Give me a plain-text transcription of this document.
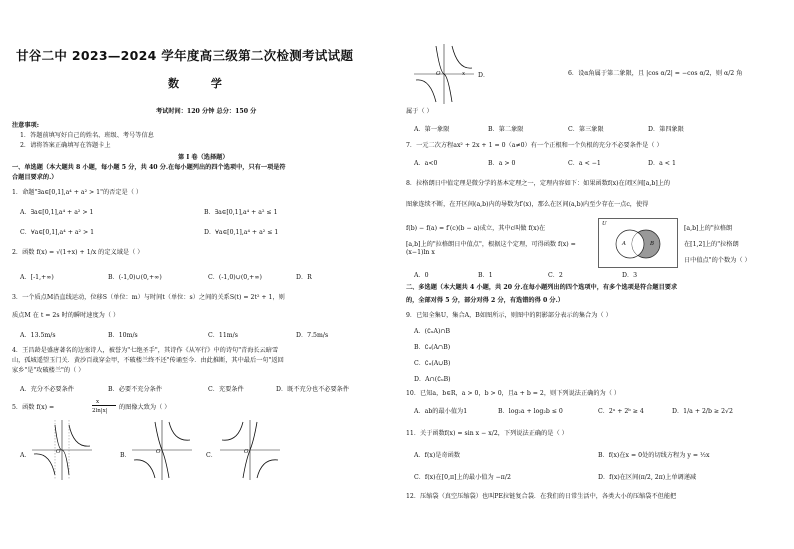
甘谷二中 2023—2024 学年度高三级第二次检测考试试题
数 学
考试时间：120 分钟 总分：150 分
注意事项:
1．答题前填写好自己的姓名、班级、考号等信息
2．请将答案正确填写在答题卡上
第 I 卷（选择题）
一、单选题（本大题共 8 小题，每小题 5 分，共 40 分.在每小题列出的四个选项中，只有一项是符
合题目要求的.）
1．命题"∃a∈[0,1],a⁴ + a² > 1"的否定是（ ）
A．∃a∈[0,1],a⁴ + a² > 1	B．∃a∈[0,1],a⁴ + a² ≤ 1
C．∀a∈[0,1],a⁴ + a² > 1	D．∀a∈[0,1],a⁴ + a² ≤ 1
2．函数 f(x) = √(1+x) + 1/x 的定义域是（ ）
A．[-1,+∞)	B．(-1,0)∪(0,+∞)	C．(-1,0)∪(0,+∞)	D．R
3．一个质点M沿直线运动，位移S（单位：m）与时间t（单位：s）之间的关系S(t) = 2t² + 1，则
质点M 在 t = 2s 时的瞬时速度为（ ）
A．13.5m/s	B．10m/s	C．11m/s	D．7.5m/s
4．王昌龄是盛唐著名的边塞诗人，被誉为"七绝圣手"，其诗作《从军行》中的诗句"青海长云暗雪
山，孤城遥望玉门关．黄沙百战穿金甲，不破楼兰终不还"传诵至今．由此推断，其中最后一句"返回
家乡"是"攻破楼兰"的（ ）
A．充分不必要条件	B．必要不充分条件	C．充要条件	D．既不充分也不必要条件
5．函数 f(x) =
x
2ln|x| 的图像大致为（ ）
A．	O	B．	O	C．	O
x
O	D．	6．设α角属于第二象限，且 |cos α/2| = −cos α/2，则 α/2 角
属于（ ）
A．第一象限	B．第二象限	C．第三象限	D．第四象限
7．一元二次方程ax² + 2x + 1 = 0（a≠0）有一个正根和一个负根的充分不必要条件是（ ）
A．a<0	B．a > 0	C．a < −1	D．a < 1
8．拉格朗日中值定理是微分学的基本定理之一，定理内容如下：如果函数f(x)在闭区间[a,b]上的
图象连续不断，在开区间(a,b)内的导数为f′(x)，那么在区间(a,b)内至少存在一点c，使得
f(b) − f(a) = f′(c)(b − a)成立，其中c叫做 f(x)在
[a,b]上的"拉格朗日中值点"，根据这个定理，可得函数 f(x) = (x−1)ln x
A．0	B．1	C．2	D．3
[a,b]上的"拉格朗
在[1,2]上的"拉格朗
日中值点"的个数为（ ）
U
A	B
二、多选题（本大题共 4 小题，共 20 分.在每小题列出的四个选项中，有多个选项是符合题目要求
的，全部对得 5 分，部分对得 2 分，有选错的得 0 分.）
9．已知全集U，集合A，B如图所示，则图中的阴影部分表示的集合为（ ）
A．(∁ᵤA)∩B
B．∁ᵤ(A∩B)
C．∁ᵤ(A∪B)
D．A∩(∁ᵤB)
10．已知a，b∈R，a > 0，b > 0，且a + b = 2，则下列说法正确的为（ ）
A．ab的最小值为1	B．log₂a + log₂b ≤ 0	C．2ᵃ + 2ᵇ ≥ 4	D．1/a + 2/b ≥ 2√2
11．关于函数f(x) = sin x − x/2，下列说法正确的是（ ）
A．f(x)是奇函数	B．f(x)在x = 0处的切线方程为 y = ½x
C．f(x)在[0,π]上的最小值为 −π/2	D．f(x)在区间(π/2, 2π)上单调递减
12．压缩袋（真空压缩袋）也叫PE拉链复合袋．在我们的日常生活中，各类大小的压缩袋不但能把
